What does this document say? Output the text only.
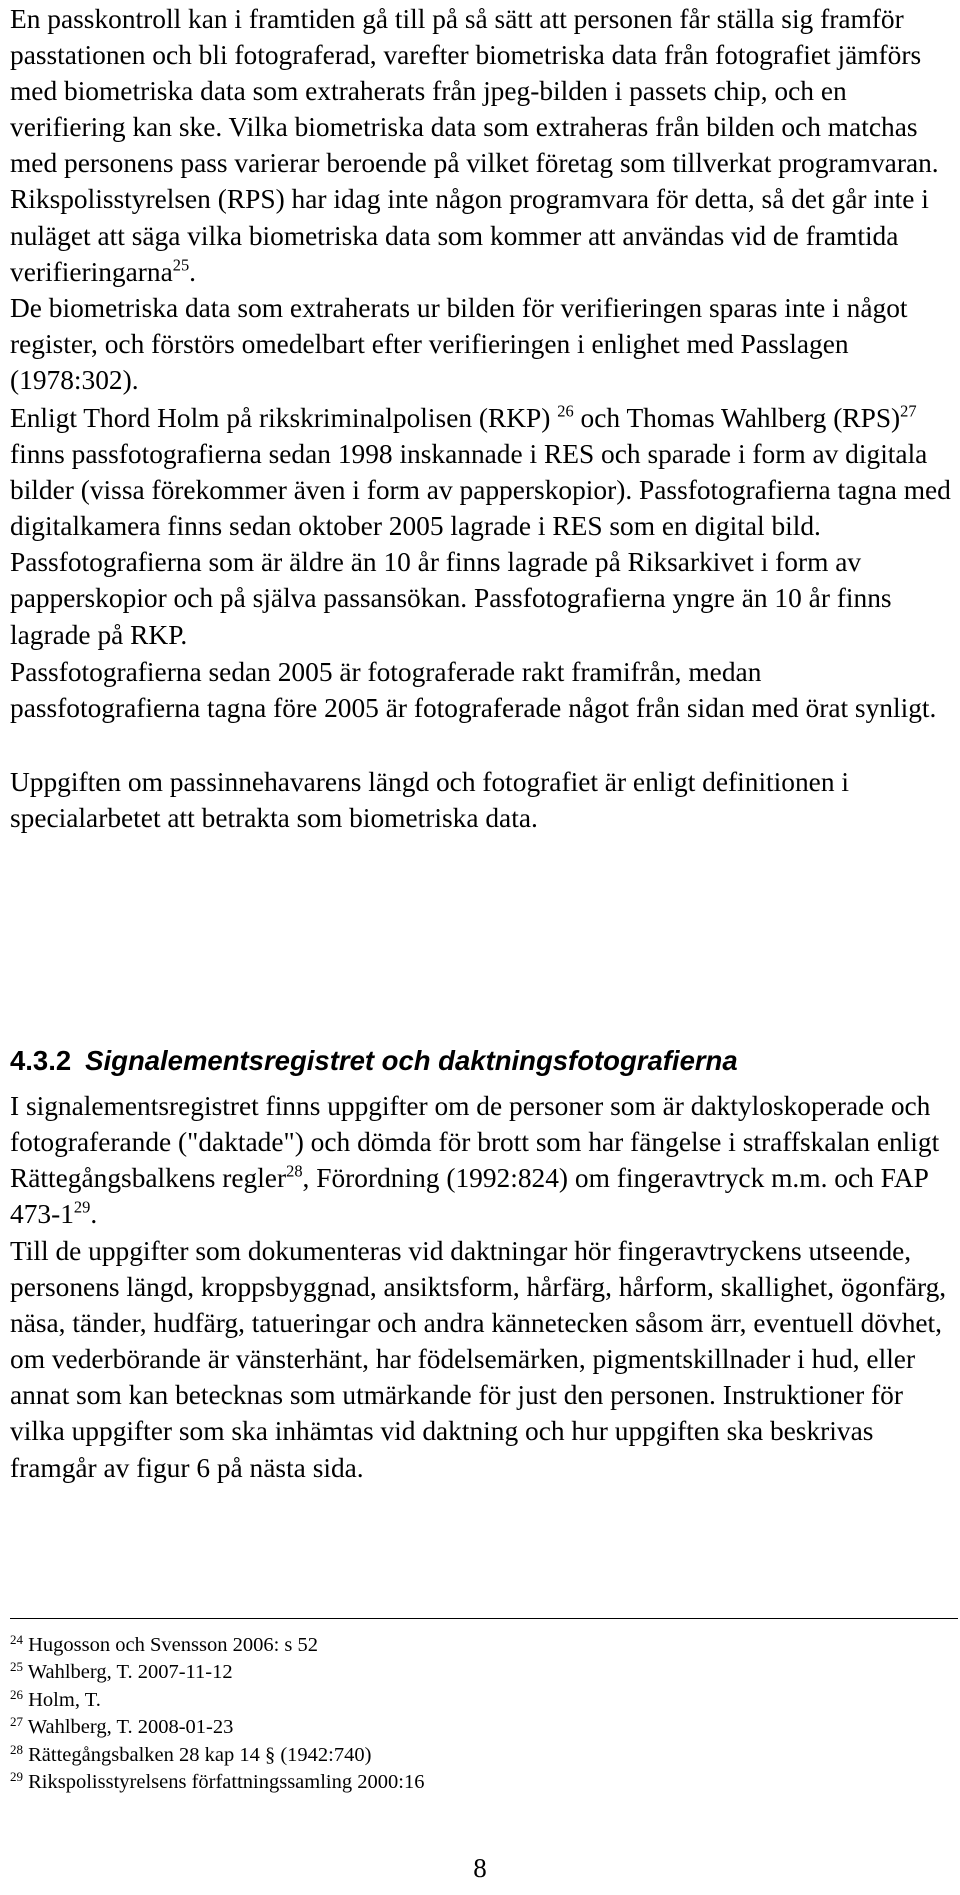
En passkontroll kan i framtiden gå till på så sätt att personen får ställa sig framför passtationen och bli fotograferad, varefter biometriska data från fotografiet jämförs med biometriska data som extraherats från jpeg-bilden i passets chip, och en verifiering kan ske. Vilka biometriska data som extraheras från bilden och matchas med personens pass varierar beroende på vilket företag som tillverkat programvaran. Rikspolisstyrelsen (RPS) har idag inte någon programvara för detta, så det går inte i nuläget att säga vilka biometriska data som kommer att användas vid de framtida verifieringarna$^{25}$.

De biometriska data som extraherats ur bilden för verifieringen sparas inte i något register, och förstörs omedelbart efter verifieringen i enlighet med Passlagen (1978:302).

Enligt Thord Holm på rikskriminalpolisen (RKP) $^{26}$ och Thomas Wahlberg (RPS)$^{27}$ finns passfotografierna sedan 1998 inskannade i RES och sparade i form av digitala bilder (vissa förekommer även i form av papperskopior). Passfotografierna tagna med digitalkamera finns sedan oktober 2005 lagrade i RES som en digital bild. Passfotografierna som är äldre än 10 år finns lagrade på Riksarkivet i form av papperskopior och på själva passansökan. Passfotografierna yngre än 10 år finns lagrade på RKP.

Passfotografierna sedan 2005 är fotograferade rakt framifrån, medan passfotografierna tagna före 2005 är fotograferade något från sidan med örat synligt.

Uppgiften om passinnehavarens längd och fotografiet är enligt definitionen i specialarbetet att betrakta som biometriska data.

I signalementsregistret finns uppgifter om de personer som är daktyloskoperade och fotograferande ("daktade") och dömda för brott som har fängelse i straffskalan enligt Rättegångsbalkens regler$^{28}$, Förordning (1992:824) om fingeravtryck m.m. och FAP $473-1^{29}$.

Till de uppgifter som dokumenteras vid daktningar hör fingeravtryckens utseende, personens längd, kroppsbyggnad, ansiktsform, hårfärg, hårform, skallighet, ögonfärg, näsa, tänder, hudfärg, tatueringar och andra kännetecken såsom ärr, eventuell dövhet, om vederbörande är vänsterhänt, har födelsemärken, pigmentskillnader i hud, eller annat som kan betecknas som utmärkande för just den personen. Instruktioner för vilka uppgifter som ska inhämtas vid daktning och hur uppgiften ska beskrivas framgår av figur 6 på nästa sida.

4.3.2 Signalementsregistret och daktningsfotografierna
$^{24}$ Hugosson och Svensson 2006: s 52
$^{25}$ Wahlberg, T. 2007-11-12
$^{26}$ Holm, T.
$^{27}$ Wahlberg, T. 2008-01-23
$^{28}$ Rättegångsbalken 28 kap 14 § (1942:740)
$^{29}$ Rikspolisstyrelsens författningssamling 2000:16
8
